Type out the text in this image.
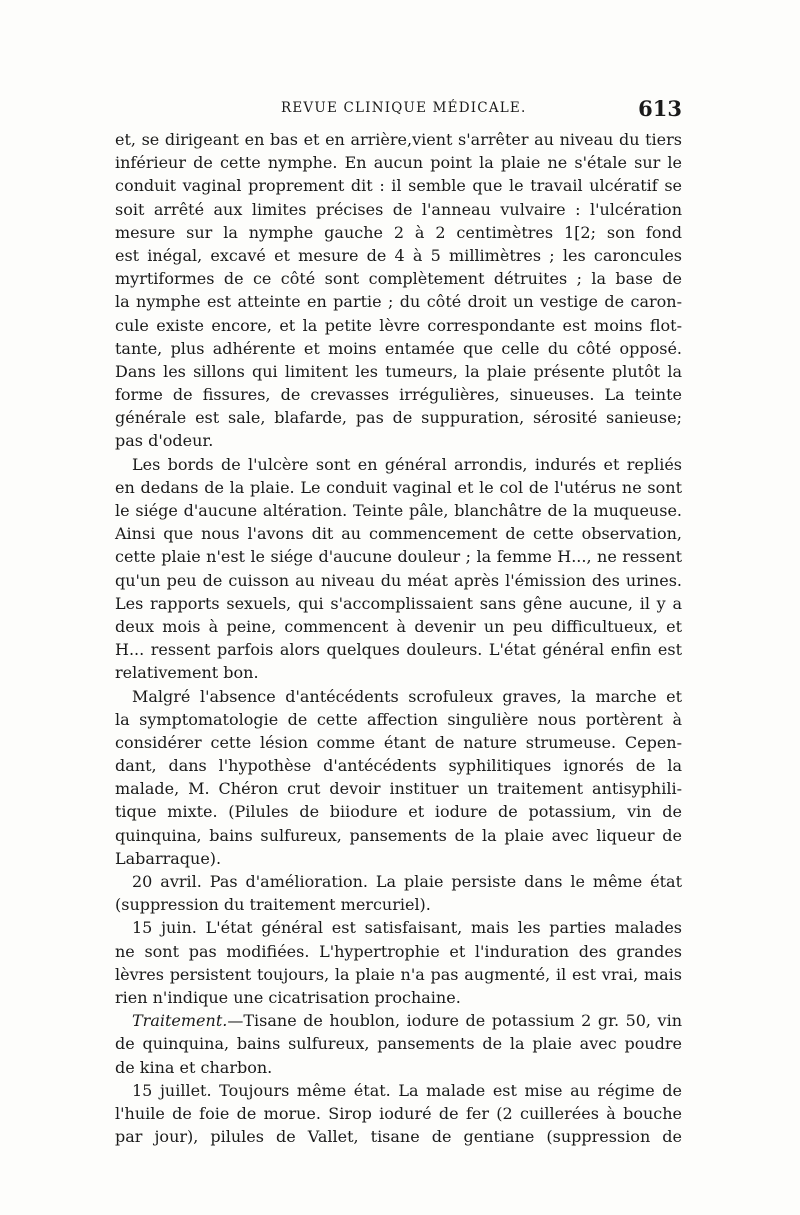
REVUE CLINIQUE MÉDICALE.	613
et, se dirigeant en bas et en arrière,vient s'arrêter au niveau du tiers
inférieur de cette nymphe. En aucun point la plaie ne s'étale sur le
conduit vaginal proprement dit : il semble que le travail ulcératif se
soit arrêté aux limites précises de l'anneau vulvaire : l'ulcération
mesure sur la nymphe gauche 2 à 2 centimètres 1[2; son fond
est inégal, excavé et mesure de 4 à 5 millimètres ; les caroncules
myrtiformes de ce côté sont complètement détruites ; la base de
la nymphe est atteinte en partie ; du côté droit un vestige de caron-
cule existe encore, et la petite lèvre correspondante est moins flot-
tante, plus adhérente et moins entamée que celle du côté opposé.
Dans les sillons qui limitent les tumeurs, la plaie présente plutôt la
forme de fissures, de crevasses irrégulières, sinueuses. La teinte
générale est sale, blafarde, pas de suppuration, sérosité sanieuse;
pas d'odeur.
Les bords de l'ulcère sont en général arrondis, indurés et repliés
en dedans de la plaie. Le conduit vaginal et le col de l'utérus ne sont
le siége d'aucune altération. Teinte pâle, blanchâtre de la muqueuse.
Ainsi que nous l'avons dit au commencement de cette observation,
cette plaie n'est le siége d'aucune douleur ; la femme H..., ne ressent
qu'un peu de cuisson au niveau du méat après l'émission des urines.
Les rapports sexuels, qui s'accomplissaient sans gêne aucune, il y a
deux mois à peine, commencent à devenir un peu difficultueux, et
H... ressent parfois alors quelques douleurs. L'état général enfin est
relativement bon.
Malgré l'absence d'antécédents scrofuleux graves, la marche et
la symptomatologie de cette affection singulière nous portèrent à
considérer cette lésion comme étant de nature strumeuse. Cepen-
dant, dans l'hypothèse d'antécédents syphilitiques ignorés de la
malade, M. Chéron crut devoir instituer un traitement antisyphili-
tique mixte. (Pilules de biiodure et iodure de potassium, vin de
quinquina, bains sulfureux, pansements de la plaie avec liqueur de
Labarraque).
20 avril. Pas d'amélioration. La plaie persiste dans le même état
(suppression du traitement mercuriel).
15 juin. L'état général est satisfaisant, mais les parties malades
ne sont pas modifiées. L'hypertrophie et l'induration des grandes
lèvres persistent toujours, la plaie n'a pas augmenté, il est vrai, mais
rien n'indique une cicatrisation prochaine.
Traitement.—Tisane de houblon, iodure de potassium 2 gr. 50, vin
de quinquina, bains sulfureux, pansements de la plaie avec poudre
de kina et charbon.
15 juillet. Toujours même état. La malade est mise au régime de
l'huile de foie de morue. Sirop ioduré de fer (2 cuillerées à bouche
par jour), pilules de Vallet, tisane de gentiane (suppression de
